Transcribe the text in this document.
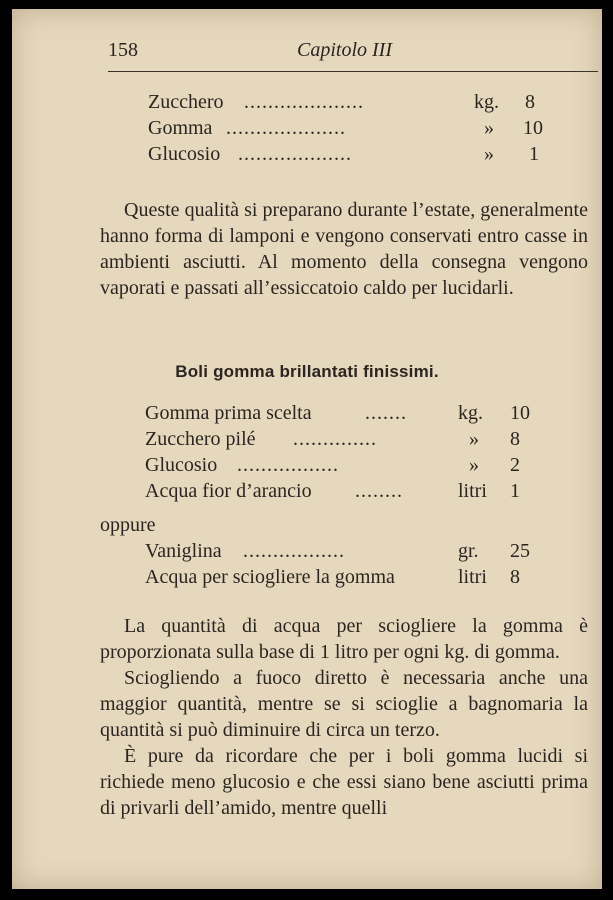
158	Capitolo III
Zucchero ....................	kg. 8
Gomma ....................	» 10
Glucosio ...................	» 1
Queste qualità si preparano durante l’estate, generalmente hanno forma di lamponi e vengono conservati entro casse in ambienti asciutti. Al momento della consegna vengono vaporati e passati all’essiccatoio caldo per lucidarli.
Boli gomma brillantati finissimi.
Gomma prima scelta	.......	kg. 10
Zucchero pilé ..............	» 8
Glucosio .................	» 2
Acqua fior d’arancio ........	litri 1
oppure
Vaniglina .................	gr. 25
Acqua per sciogliere la gomma	litri 8

La quantità di acqua per sciogliere la gomma è proporzionata sulla base di 1 litro per ogni kg. di gomma.

Sciogliendo a fuoco diretto è necessaria anche una maggior quantità, mentre se si scioglie a bagnomaria la quantità si può diminuire di circa un terzo.

È pure da ricordare che per i boli gomma lucidi si richiede meno glucosio e che essi siano bene asciutti prima di privarli dell’amido, mentre quelli
